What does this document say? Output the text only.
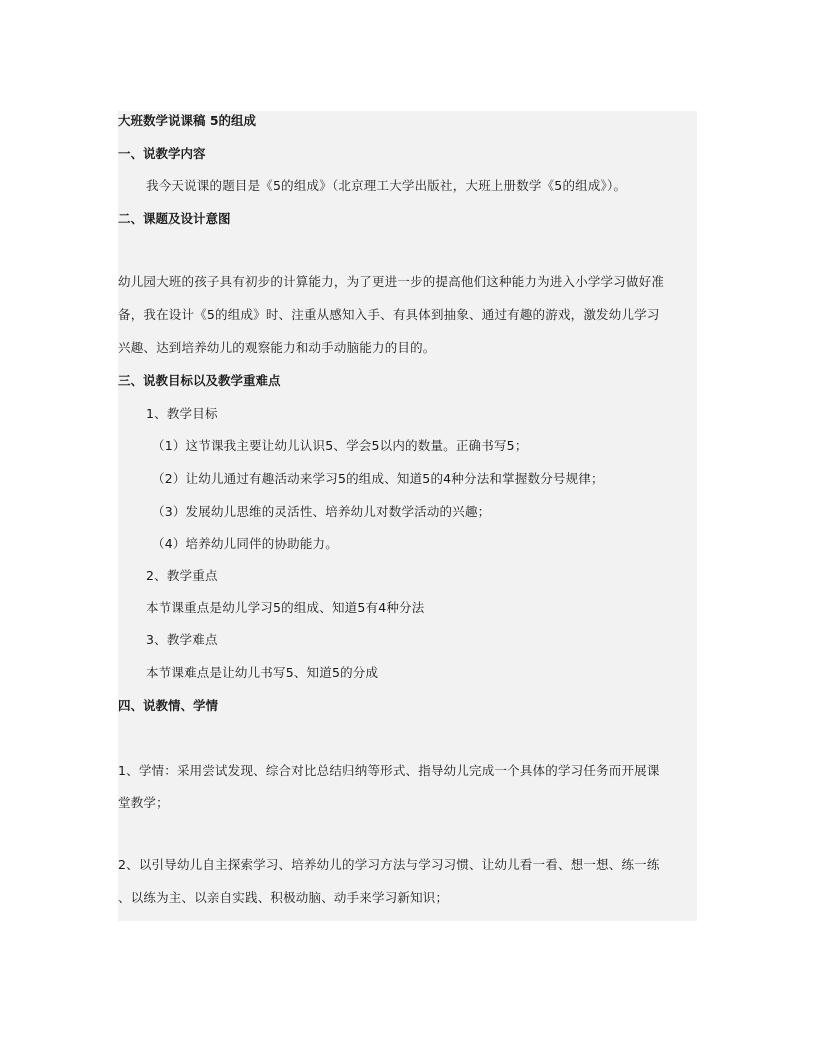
大班数学说课稿 5的组成
一、说教学内容
我今天说课的题目是《5的组成》（北京理工大学出版社，大班上册数学《5的组成》）。
二、课题及设计意图
幼儿园大班的孩子具有初步的计算能力，为了更进一步的提高他们这种能力为进入小学学习做好准
备，我在设计《5的组成》时、注重从感知入手、有具体到抽象、通过有趣的游戏，激发幼儿学习
兴趣、达到培养幼儿的观察能力和动手动脑能力的目的。
三、说教目标以及教学重难点
1、教学目标
（1）这节课我主要让幼儿认识5、学会5以内的数量。正确书写5；
（2）让幼儿通过有趣活动来学习5的组成、知道5的4种分法和掌握数分号规律；
（3）发展幼儿思维的灵活性、培养幼儿对数学活动的兴趣；
（4）培养幼儿同伴的协助能力。
2、教学重点
本节课重点是幼儿学习5的组成、知道5有4种分法
3、教学难点
本节课难点是让幼儿书写5、知道5的分成
四、说教情、学情
1、学情：采用尝试发现、综合对比总结归纳等形式、指导幼儿完成一个具体的学习任务而开展课
堂教学；
2、以引导幼儿自主探索学习、培养幼儿的学习方法与学习习惯、让幼儿看一看、想一想、练一练
、以练为主、以亲自实践、积极动脑、动手来学习新知识；
